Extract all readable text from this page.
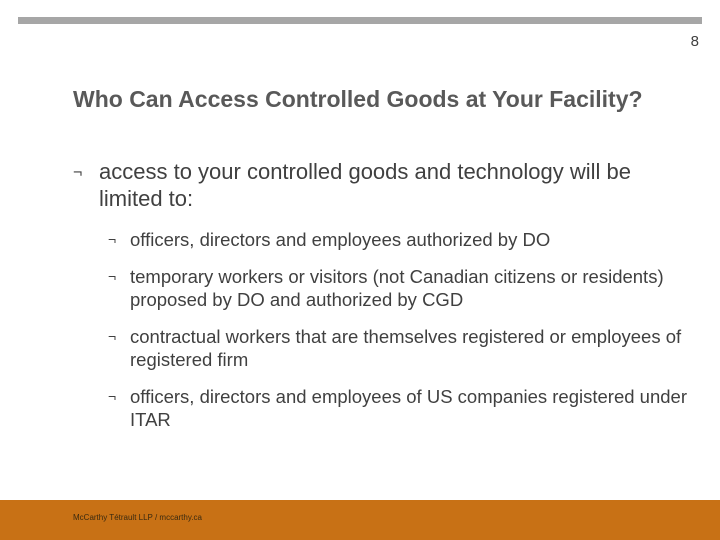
8
Who Can Access Controlled Goods at Your Facility?
¬ access to your controlled goods and technology will be limited to:
¬ officers, directors and employees authorized by DO
¬ temporary workers or visitors (not Canadian citizens or residents) proposed by DO and authorized by CGD
¬ contractual workers that are themselves registered or employees of registered firm
¬ officers, directors and employees of US companies registered under ITAR
McCarthy Tétrault LLP / mccarthy.ca
